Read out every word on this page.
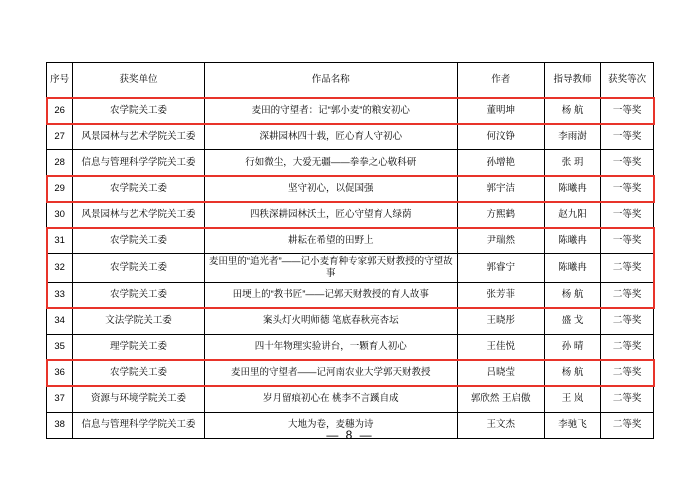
序号	获奖单位	作品名称	作者	指导教师	获奖等次
26	农学院关工委	麦田的守望者：记“郭小麦”的粮安初心	董明坤	杨 航	一等奖
27	风景园林与艺术学院关工委	深耕园林四十载，匠心育人守初心	何汶铮	李雨澍	一等奖
28	信息与管理科学学院关工委	行如微尘，大爱无疆——拳拳之心敬科研	孙增艳	张 玥	一等奖
29	农学院关工委	坚守初心，以促国强	郭宇洁	陈曦冉	一等奖
30	风景园林与艺术学院关工委	四秩深耕园林沃土，匠心守望育人绿荫	方熙鹤	赵九阳	一等奖
31	农学院关工委	耕耘在希望的田野上	尹瑞然	陈曦冉	一等奖
32	农学院关工委	麦田里的“追光者”——记小麦育种专家郭天财教授的守望故事	郭睿宁	陈曦冉	二等奖
33	农学院关工委	田埂上的“教书匠”——记郭天财教授的育人故事	张芳菲	杨 航	二等奖
34	文法学院关工委	案头灯火明师德 笔底春秋亮杏坛	王晓彤	盛 戈	二等奖
35	理学院关工委	四十年物理实验讲台，一颗育人初心	王佳悦	孙 晴	二等奖
36	农学院关工委	麦田里的守望者——记河南农业大学郭天财教授	吕晓莹	杨 航	二等奖
37	资源与环境学院关工委	岁月留痕初心在 桃李不言蹊自成	郭欣然 王启傲	王 岚	二等奖
38	信息与管理科学学院关工委	大地为卷，麦穗为诗	王文杰	李驰飞	二等奖
— 8 —
